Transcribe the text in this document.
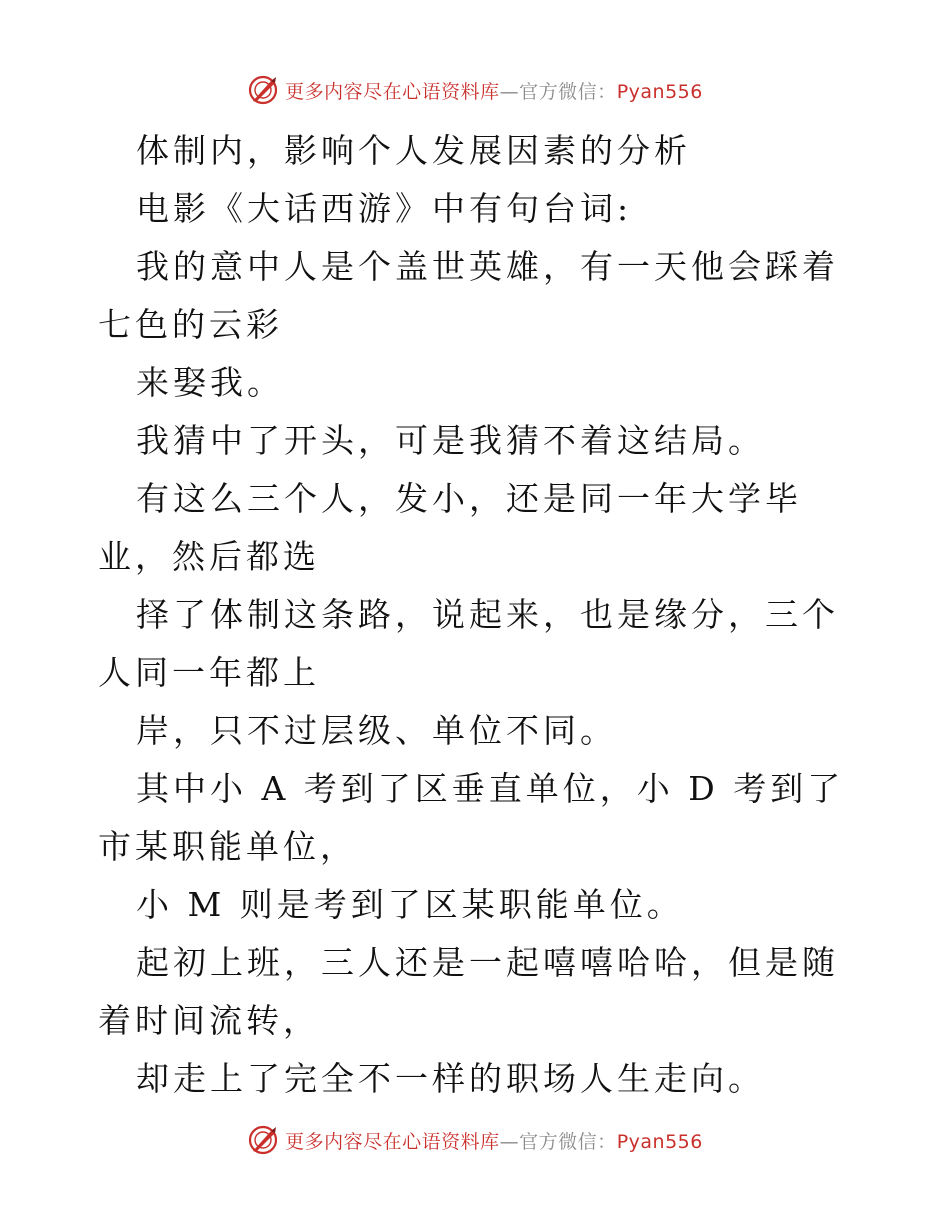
更多内容尽在心语资料库—官方微信：Pyan556

体制内，影响个人发展因素的分析

电影《大话西游》中有句台词:

我的意中人是个盖世英雄，有一天他会踩着七色的云彩

来娶我。

我猜中了开头，可是我猜不着这结局。

有这么三个人，发小，还是同一年大学毕业，然后都选

择了体制这条路，说起来，也是缘分，三个人同一年都上

岸，只不过层级、单位不同。

其中小 A 考到了区垂直单位，小 D 考到了市某职能单位，

小 M 则是考到了区某职能单位。

起初上班，三人还是一起嘻嘻哈哈，但是随着时间流转，

却走上了完全不一样的职场人生走向。

更多内容尽在心语资料库—官方微信：Pyan556
